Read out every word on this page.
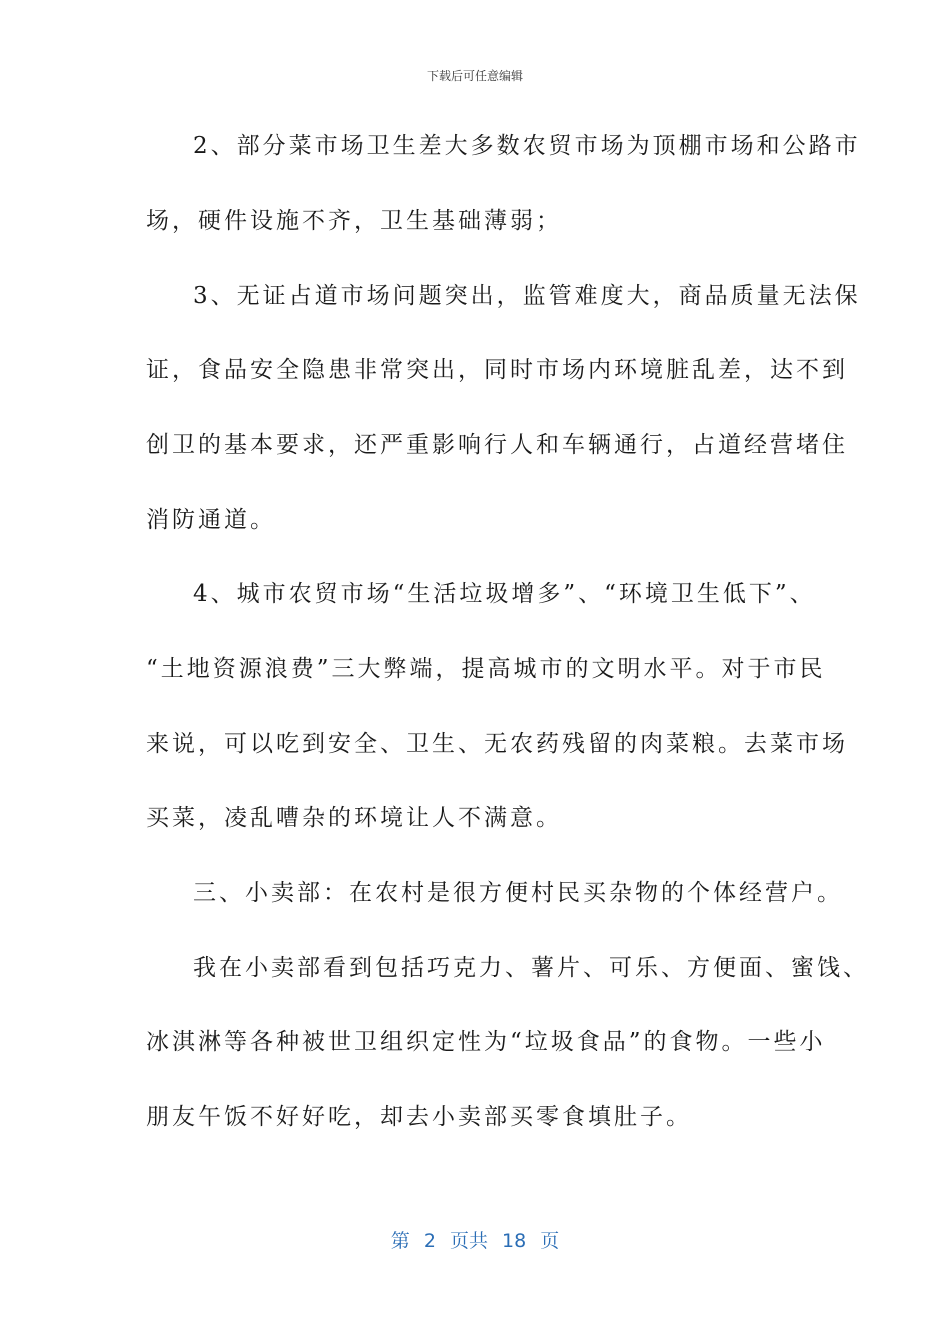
下载后可任意编辑
2、部分菜市场卫生差大多数农贸市场为顶棚市场和公路市
场，硬件设施不齐，卫生基础薄弱；
3、无证占道市场问题突出，监管难度大，商品质量无法保
证，食品安全隐患非常突出，同时市场内环境脏乱差，达不到
创卫的基本要求，还严重影响行人和车辆通行，占道经营堵住
消防通道。
4、城市农贸市场“生活垃圾增多”、“环境卫生低下”、
“土地资源浪费”三大弊端，提高城市的文明水平。对于市民
来说，可以吃到安全、卫生、无农药残留的肉菜粮。去菜市场
买菜，凌乱嘈杂的环境让人不满意。
三、小卖部：在农村是很方便村民买杂物的个体经营户。
我在小卖部看到包括巧克力、薯片、可乐、方便面、蜜饯、
冰淇淋等各种被世卫组织定性为“垃圾食品”的食物。一些小
朋友午饭不好好吃，却去小卖部买零食填肚子。
第 2 页共 18 页
